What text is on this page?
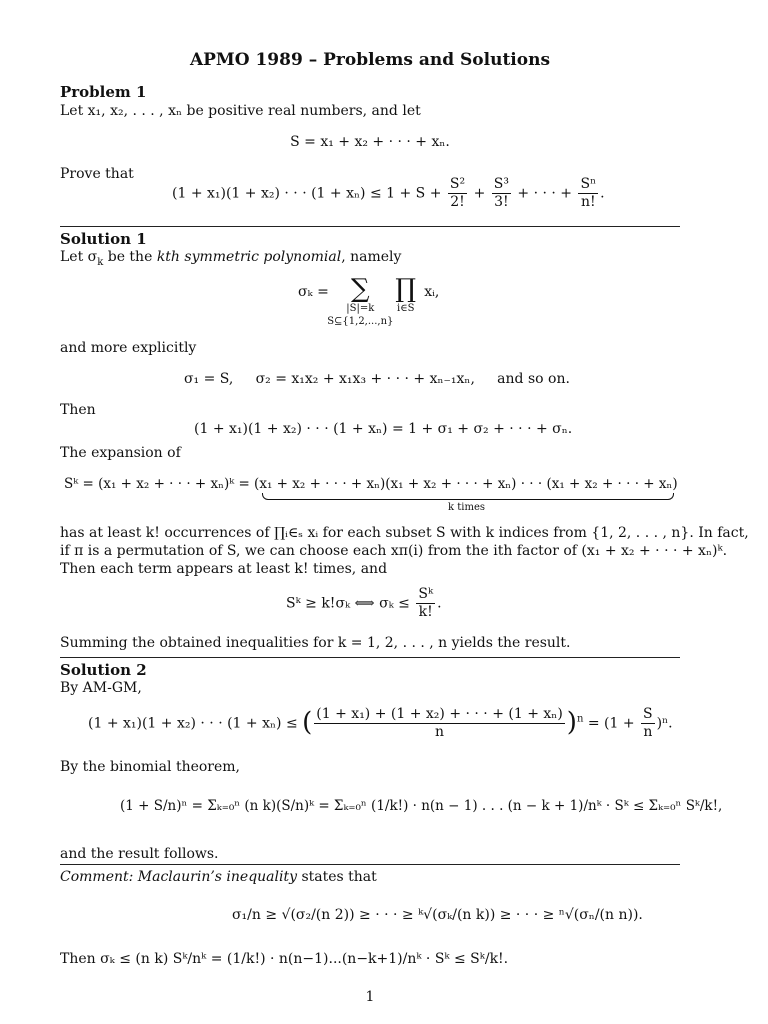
APMO 1989 – Problems and Solutions
Problem 1
Let x₁, x₂, . . . , xₙ be positive real numbers, and let
S = x₁ + x₂ + · · · + xₙ.
Prove that
(1 + x₁)(1 + x₂) · · · $(1 + x_n) \le 1 + S + \frac{\text{S²}}{2!} + \frac{\text{S³}}{3!}$ + · · · + $\frac{\text{Sⁿ}}{n!}$ .
Solution 1
Let $\sigma_k$ be the kth symmetric polynomial, namely
σₖ = ∑
|S|=k
S⊆{1,2,...,n}

∏
i∈S
xᵢ,
and more explicitly
σ₁ = S,     σ₂ = x₁x₂ + x₁x₃ + · · · + xₙ₋₁xₙ,     and so on.
Then
(1 + x₁)(1 + x₂) · · · (1 + xₙ) = 1 + σ₁ + σ₂ + · · · + σₙ.
The expansion of
Sᵏ = (x₁ + x₂ + · · · + xₙ)ᵏ = (x₁ + x₂ + · · · + xₙ)(x₁ + x₂ + · · · + xₙ) · · · (x₁ + x₂ + · · · + xₙ)
k times
has at least k! occurrences of ∏ᵢ∈ₛ xᵢ for each subset S with k indices from {1, 2, . . . , n}. In fact,
if π is a permutation of S, we can choose each xπ(i) from the ith factor of (x₁ + x₂ + · · · + xₙ)ᵏ.
Then each term appears at least k! times, and
Sᵏ ≥ k!σₖ ⟺ $\sigma_k \le \frac{\text{Sᵏ}}{k!}$ .
Summing the obtained inequalities for k = 1, 2, . . . , n yields the result.
Solution 2
By AM-GM,
(1 + x₁)(1 + x₂) · · · (1 + xₙ) ≤ ( $\frac{\text{(1 + x₁) + (1 + x₂) + · · · + (1 + xₙ)}}{n} )^n = (1 + \frac{S}{n} )^n$.
By the binomial theorem,
(1 + S/n)ⁿ = Σₖ₌₀ⁿ (n k)(S/n)ᵏ = Σₖ₌₀ⁿ (1/k!) · n(n − 1) . . . (n − k + 1)/nᵏ · Sᵏ ≤ Σₖ₌₀ⁿ Sᵏ/k!,
and the result follows.
Comment: Maclaurin’s inequality states that
σ₁/n ≥ √(σ₂/(n 2)) ≥ · · · ≥ ᵏ√(σₖ/(n k)) ≥ · · · ≥ ⁿ√(σₙ/(n n)).
Then σₖ ≤ (n k) Sᵏ/nᵏ = (1/k!) · n(n−1)...(n−k+1)/nᵏ · Sᵏ ≤ Sᵏ/k!.
1
